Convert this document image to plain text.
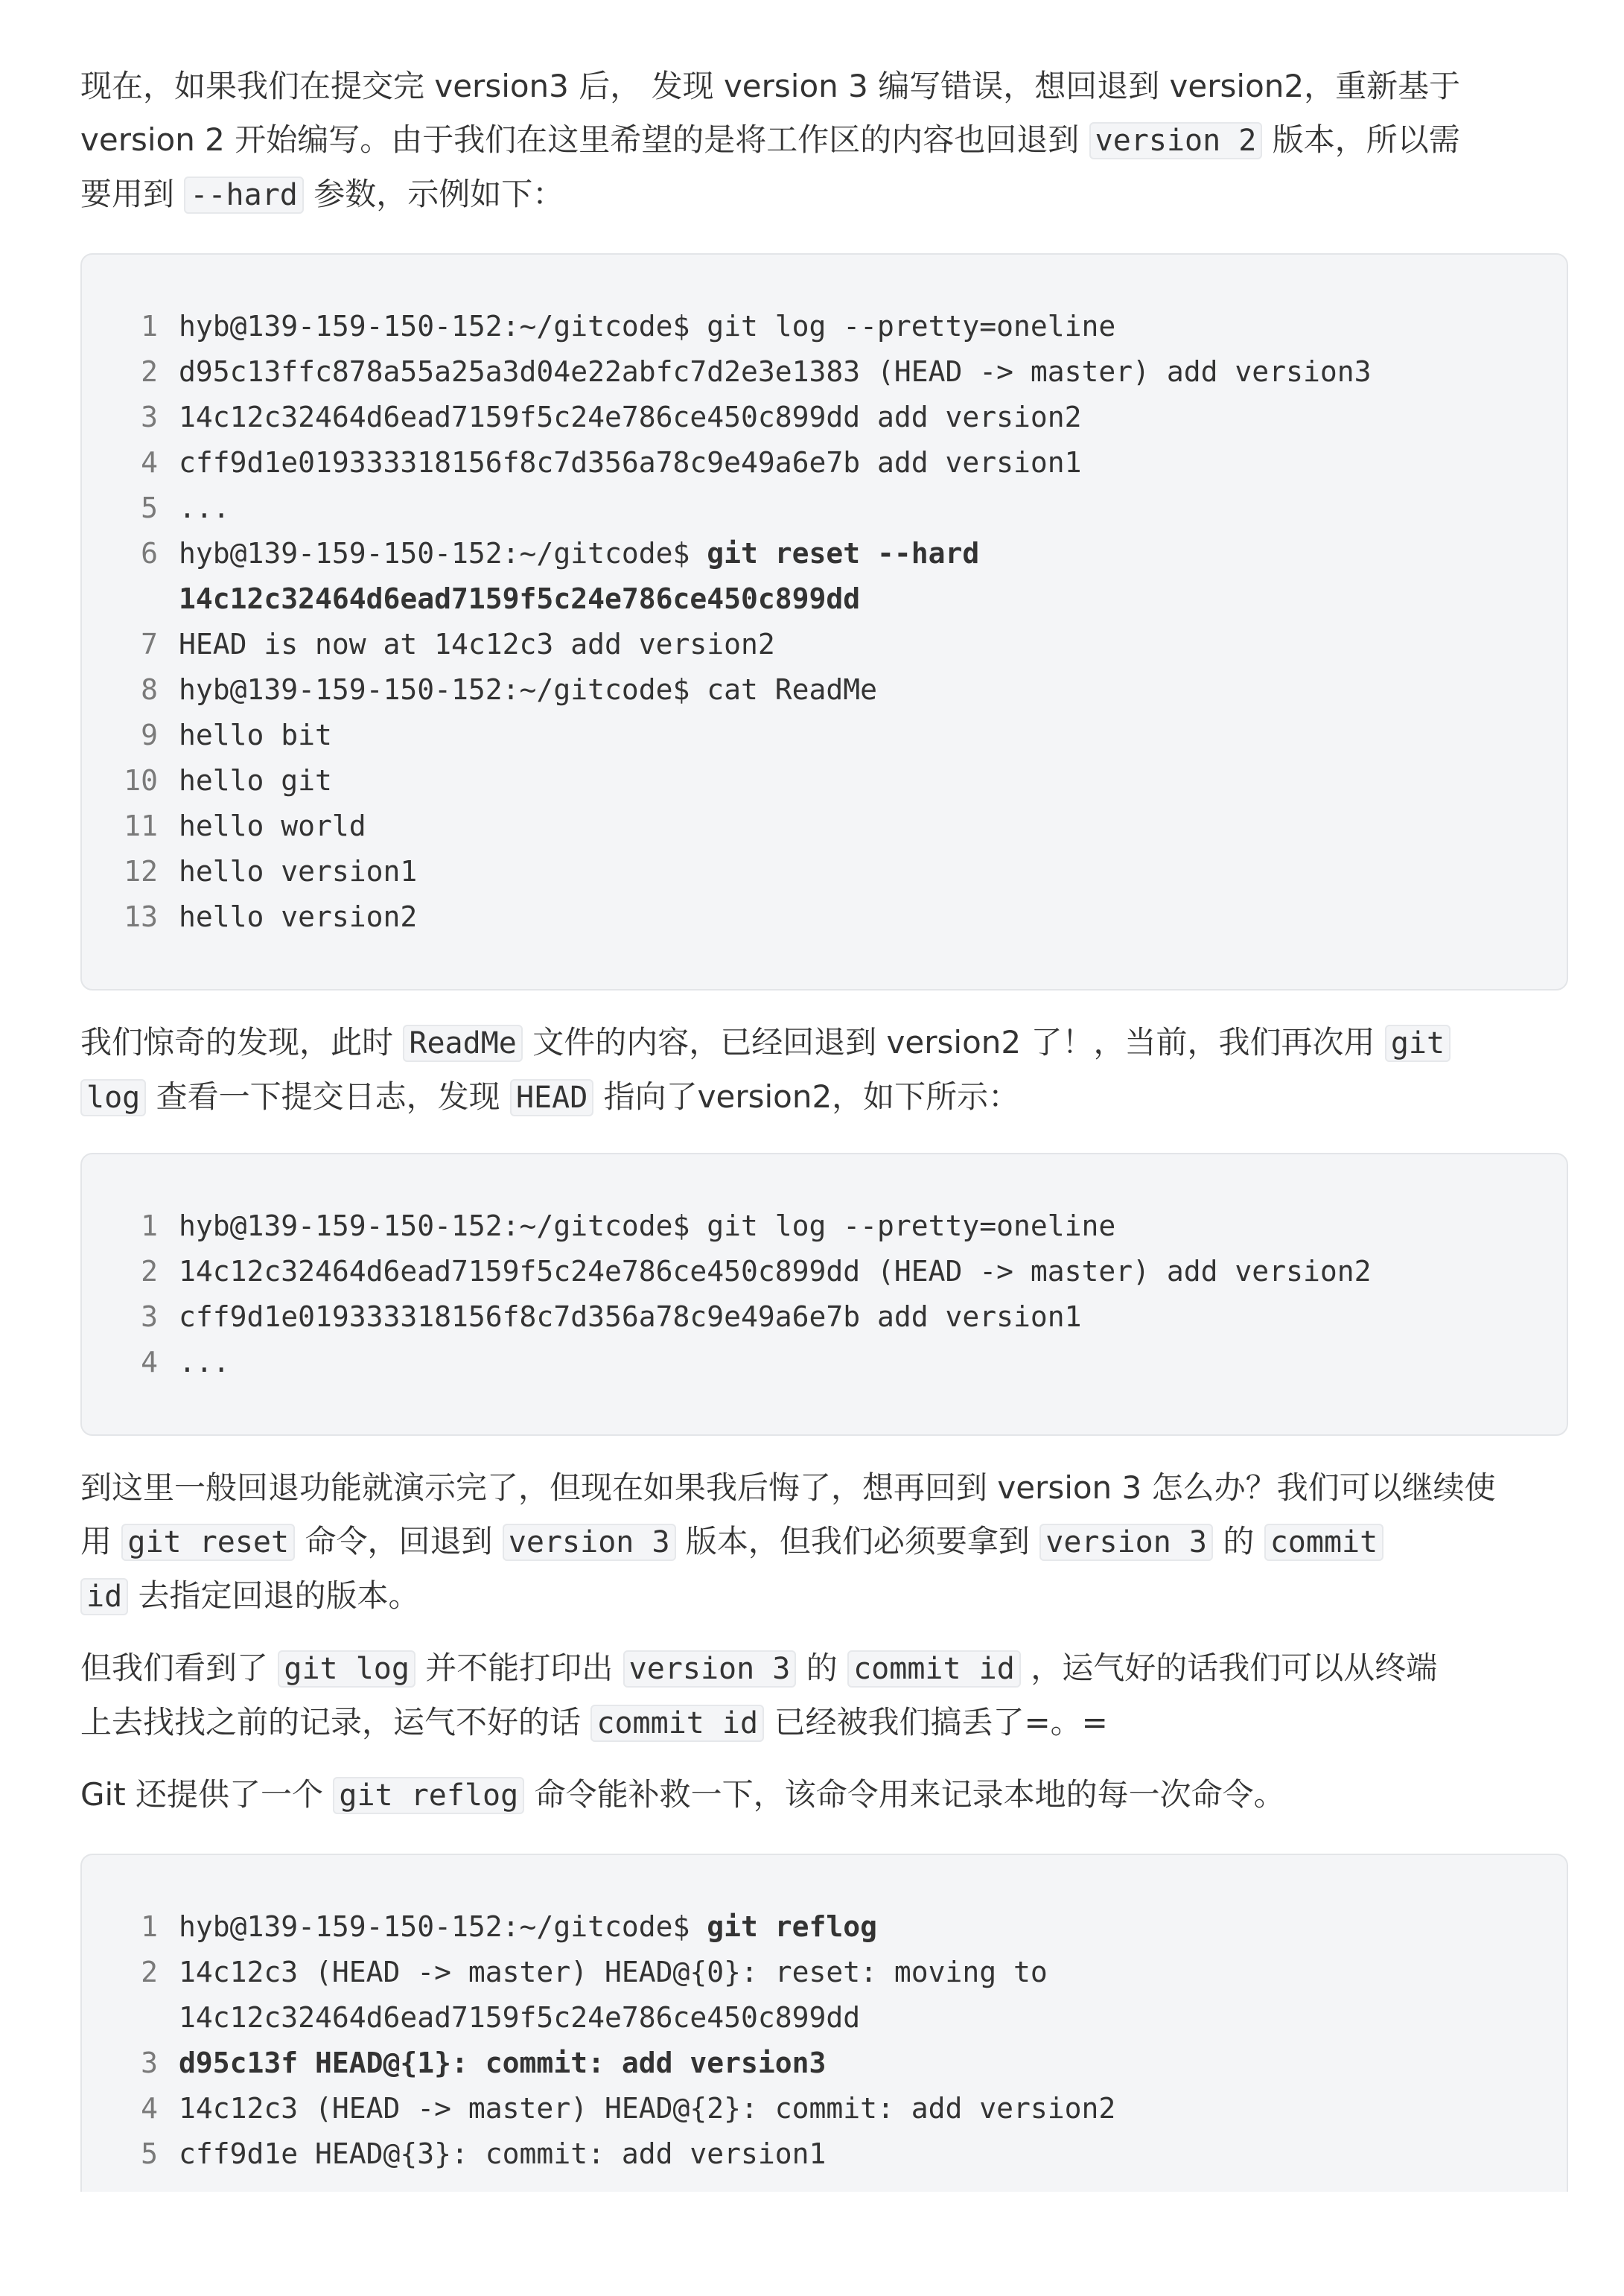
现在，如果我们在提交完 version3 后， 发现 version 3 编写错误，想回退到 version2，重新基于
version 2 开始编写。由于我们在这里希望的是将工作区的内容也回退到 version 2 版本，所以需
要用到 --hard 参数，示例如下：

1 hyb@139-159-150-152:~/gitcode$ git log --pretty=oneline
2 d95c13ffc878a55a25a3d04e22abfc7d2e3e1383 (HEAD -> master) add version3
3 14c12c32464d6ead7159f5c24e786ce450c899dd add version2
4 cff9d1e019333318156f8c7d356a78c9e49a6e7b add version1
5 ...
6 hyb@139-159-150-152:~/gitcode$ git reset --hard
14c12c32464d6ead7159f5c24e786ce450c899dd
7 HEAD is now at 14c12c3 add version2
8 hyb@139-159-150-152:~/gitcode$ cat ReadMe
9 hello bit
10 hello git
11 hello world
12 hello version1
13 hello version2

我们惊奇的发现，此时 ReadMe 文件的内容，已经回退到 version2 了！，当前，我们再次用 git
log 查看一下提交日志，发现 HEAD 指向了version2，如下所示：

1 hyb@139-159-150-152:~/gitcode$ git log --pretty=oneline
2 14c12c32464d6ead7159f5c24e786ce450c899dd (HEAD -> master) add version2
3 cff9d1e019333318156f8c7d356a78c9e49a6e7b add version1
4 ...

到这里一般回退功能就演示完了，但现在如果我后悔了，想再回到 version 3 怎么办？我们可以继续使
用 git reset 命令，回退到 version 3 版本，但我们必须要拿到 version 3 的 commit
id 去指定回退的版本。

但我们看到了 git log 并不能打印出 version 3 的 commit id ，运气好的话我们可以从终端
上去找找之前的记录，运气不好的话 commit id 已经被我们搞丢了=。=

Git 还提供了一个 git reflog 命令能补救一下，该命令用来记录本地的每一次命令。

1 hyb@139-159-150-152:~/gitcode$ git reflog
2 14c12c3 (HEAD -> master) HEAD@{0}: reset: moving to
14c12c32464d6ead7159f5c24e786ce450c899dd
3 d95c13f HEAD@{1}: commit: add version3
4 14c12c3 (HEAD -> master) HEAD@{2}: commit: add version2
5 cff9d1e HEAD@{3}: commit: add version1
